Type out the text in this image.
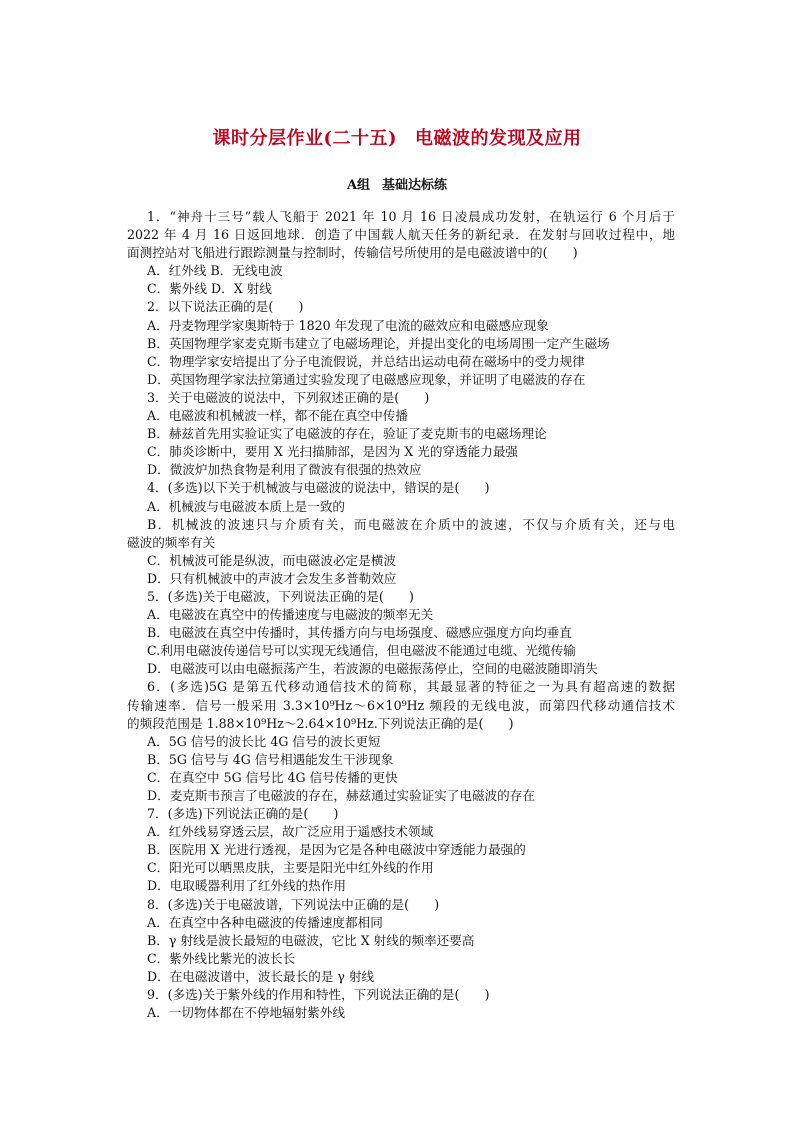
课时分层作业(二十五) 电磁波的发现及应用
A组 基础达标练
1．“神舟十三号”载人飞船于 2021 年 10 月 16 日凌晨成功发射，在轨运行 6 个月后于
2022 年 4 月 16 日返回地球．创造了中国载人航天任务的新纪录．在发射与回收过程中，地
面测控站对飞船进行跟踪测量与控制时，传输信号所使用的是电磁波谱中的(　　)
A．红外线 B．无线电波
C．紫外线 D．X 射线
2．以下说法正确的是(　　)
A．丹麦物理学家奥斯特于 1820 年发现了电流的磁效应和电磁感应现象
B．英国物理学家麦克斯韦建立了电磁场理论，并提出变化的电场周围一定产生磁场
C．物理学家安培提出了分子电流假说，并总结出运动电荷在磁场中的受力规律
D．英国物理学家法拉第通过实验发现了电磁感应现象，并证明了电磁波的存在
3．关于电磁波的说法中，下列叙述正确的是(　　)
A．电磁波和机械波一样，都不能在真空中传播
B．赫兹首先用实验证实了电磁波的存在，验证了麦克斯韦的电磁场理论
C．肺炎诊断中，要用 X 光扫描肺部，是因为 X 光的穿透能力最强
D．微波炉加热食物是利用了微波有很强的热效应
4．(多选)以下关于机械波与电磁波的说法中，错误的是(　　)
A．机械波与电磁波本质上是一致的
B．机械波的波速只与介质有关，而电磁波在介质中的波速，不仅与介质有关，还与电
磁波的频率有关
C．机械波可能是纵波，而电磁波必定是横波
D．只有机械波中的声波才会发生多普勒效应
5．(多选)关于电磁波，下列说法正确的是(　　)
A．电磁波在真空中的传播速度与电磁波的频率无关
B．电磁波在真空中传播时，其传播方向与电场强度、磁感应强度方向均垂直
C.利用电磁波传递信号可以实现无线通信，但电磁波不能通过电缆、光缆传输
D．电磁波可以由电磁振荡产生，若波源的电磁振荡停止，空间的电磁波随即消失
6．(多选)5G 是第五代移动通信技术的简称，其最显著的特征之一为具有超高速的数据
传输速率．信号一般采用 3.3×10⁹Hz～6×10⁹Hz 频段的无线电波，而第四代移动通信技术
的频段范围是 1.88×10⁹Hz～2.64×10⁹Hz.下列说法正确的是(　　)
A．5G 信号的波长比 4G 信号的波长更短
B．5G 信号与 4G 信号相遇能发生干涉现象
C．在真空中 5G 信号比 4G 信号传播的更快
D．麦克斯韦预言了电磁波的存在，赫兹通过实验证实了电磁波的存在
7．(多选)下列说法正确的是(　　)
A．红外线易穿透云层，故广泛应用于遥感技术领域
B．医院用 X 光进行透视，是因为它是各种电磁波中穿透能力最强的
C．阳光可以晒黑皮肤，主要是阳光中红外线的作用
D．电取暖器利用了红外线的热作用
8．(多选)关于电磁波谱，下列说法中正确的是(　　)
A．在真空中各种电磁波的传播速度都相同
B．γ 射线是波长最短的电磁波，它比 X 射线的频率还要高
C．紫外线比紫光的波长长
D．在电磁波谱中，波长最长的是 γ 射线
9．(多选)关于紫外线的作用和特性，下列说法正确的是(　　)
A．一切物体都在不停地辐射紫外线
